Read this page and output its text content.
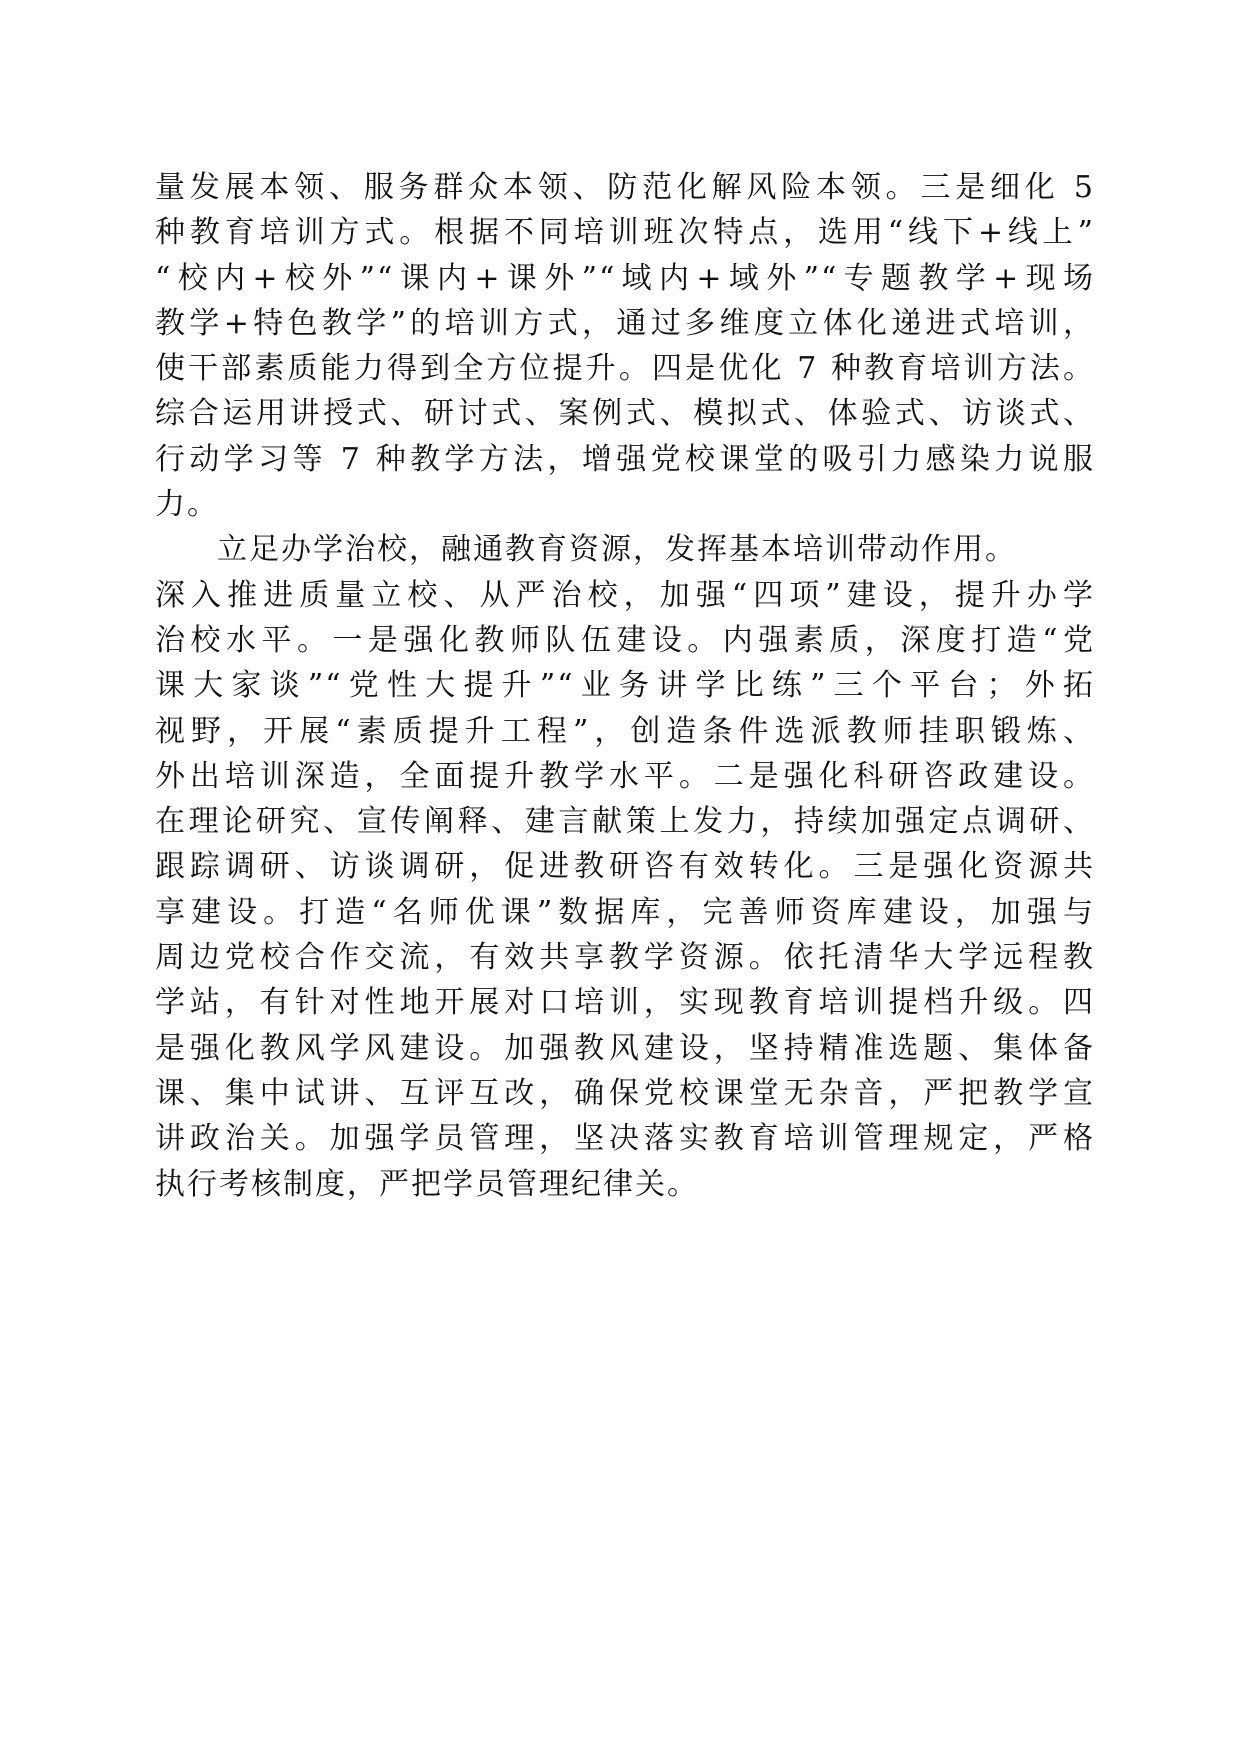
量发展本领、服务群众本领、防范化解风险本领。三是细化 5
种教育培训方式。根据不同培训班次特点，选用“线下+线上”
“校内+校外”“课内+课外”“域内+域外”“专题教学+现场
教学+特色教学”的培训方式，通过多维度立体化递进式培训，
使干部素质能力得到全方位提升。四是优化 7 种教育培训方法。
综合运用讲授式、研讨式、案例式、模拟式、体验式、访谈式、
行动学习等 7 种教学方法，增强党校课堂的吸引力感染力说服
力。
立足办学治校，融通教育资源，发挥基本培训带动作用。
深入推进质量立校、从严治校，加强“四项”建设，提升办学
治校水平。一是强化教师队伍建设。内强素质，深度打造“党
课大家谈”“党性大提升”“业务讲学比练”三个平台；外拓
视野，开展“素质提升工程”，创造条件选派教师挂职锻炼、
外出培训深造，全面提升教学水平。二是强化科研咨政建设。
在理论研究、宣传阐释、建言献策上发力，持续加强定点调研、
跟踪调研、访谈调研，促进教研咨有效转化。三是强化资源共
享建设。打造“名师优课”数据库，完善师资库建设，加强与
周边党校合作交流，有效共享教学资源。依托清华大学远程教
学站，有针对性地开展对口培训，实现教育培训提档升级。四
是强化教风学风建设。加强教风建设，坚持精准选题、集体备
课、集中试讲、互评互改，确保党校课堂无杂音，严把教学宣
讲政治关。加强学员管理，坚决落实教育培训管理规定，严格
执行考核制度，严把学员管理纪律关。
